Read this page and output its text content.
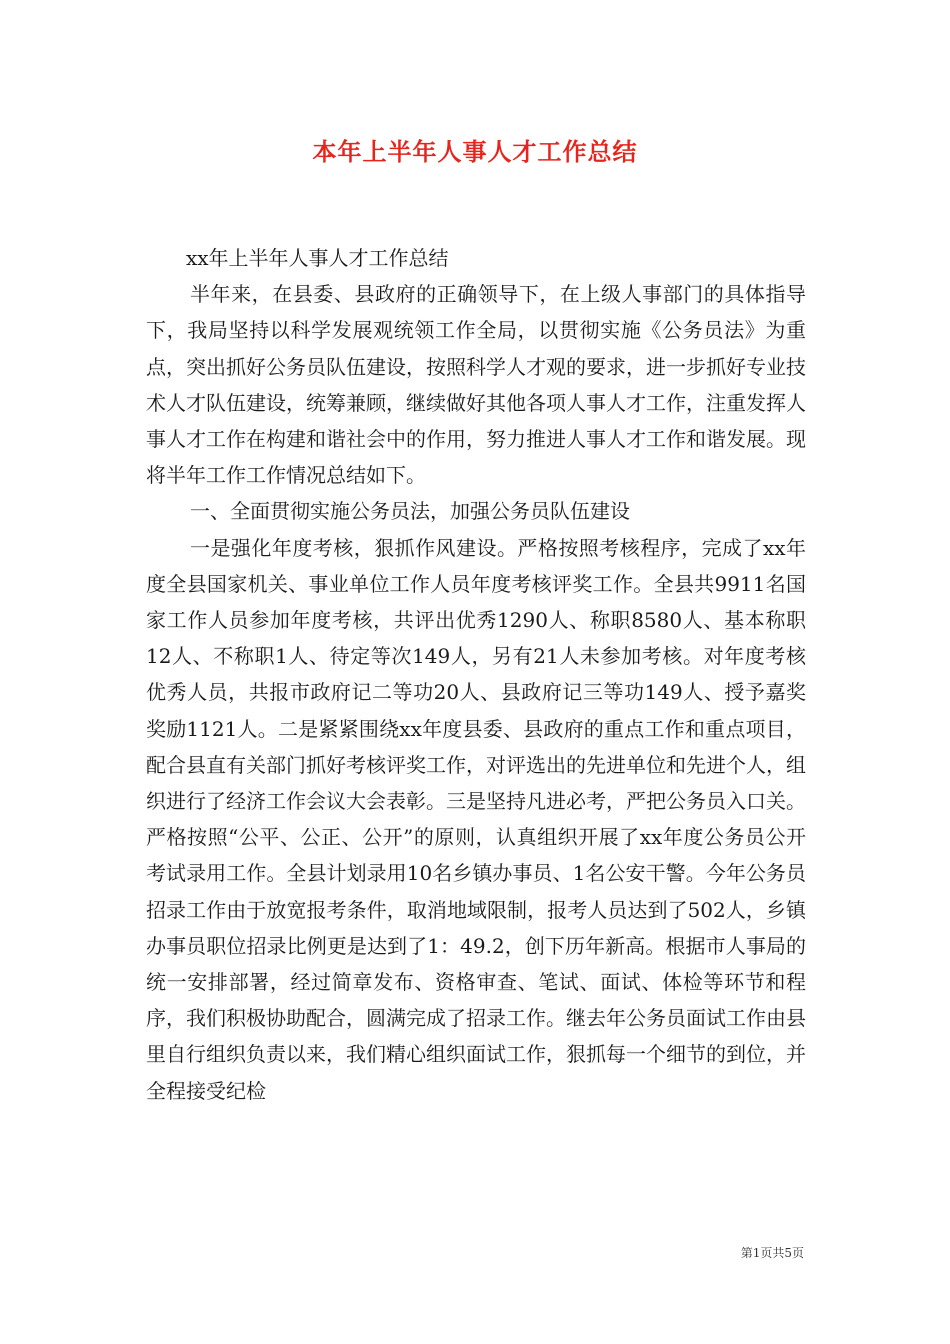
本年上半年人事人才工作总结

xx年上半年人事人才工作总结

半年来，在县委、县政府的正确领导下，在上级人事部门的具体指导下，我局坚持以科学发展观统领工作全局，以贯彻实施《公务员法》为重点，突出抓好公务员队伍建设，按照科学人才观的要求，进一步抓好专业技术人才队伍建设，统筹兼顾，继续做好其他各项人事人才工作，注重发挥人事人才工作在构建和谐社会中的作用，努力推进人事人才工作和谐发展。现将半年工作工作情况总结如下。

一、全面贯彻实施公务员法，加强公务员队伍建设

一是强化年度考核，狠抓作风建设。严格按照考核程序，完成了xx年度全县国家机关、事业单位工作人员年度考核评奖工作。全县共9911名国家工作人员参加年度考核，共评出优秀1290人、称职8580人、基本称职12人、不称职1人、待定等次149人，另有21人未参加考核。对年度考核优秀人员，共报市政府记二等功20人、县政府记三等功149人、授予嘉奖奖励1121人。二是紧紧围绕xx年度县委、县政府的重点工作和重点项目，配合县直有关部门抓好考核评奖工作，对评选出的先进单位和先进个人，组织进行了经济工作会议大会表彰。三是坚持凡进必考，严把公务员入口关。严格按照“公平、公正、公开”的原则，认真组织开展了xx年度公务员公开考试录用工作。全县计划录用10名乡镇办事员、1名公安干警。今年公务员招录工作由于放宽报考条件，取消地域限制，报考人员达到了502人，乡镇办事员职位招录比例更是达到了1：49.2，创下历年新高。根据市人事局的统一安排部署，经过简章发布、资格审查、笔试、面试、体检等环节和程序，我们积极协助配合，圆满完成了招录工作。继去年公务员面试工作由县里自行组织负责以来，我们精心组织面试工作，狠抓每一个细节的到位，并全程接受纪检

第1页共5页
